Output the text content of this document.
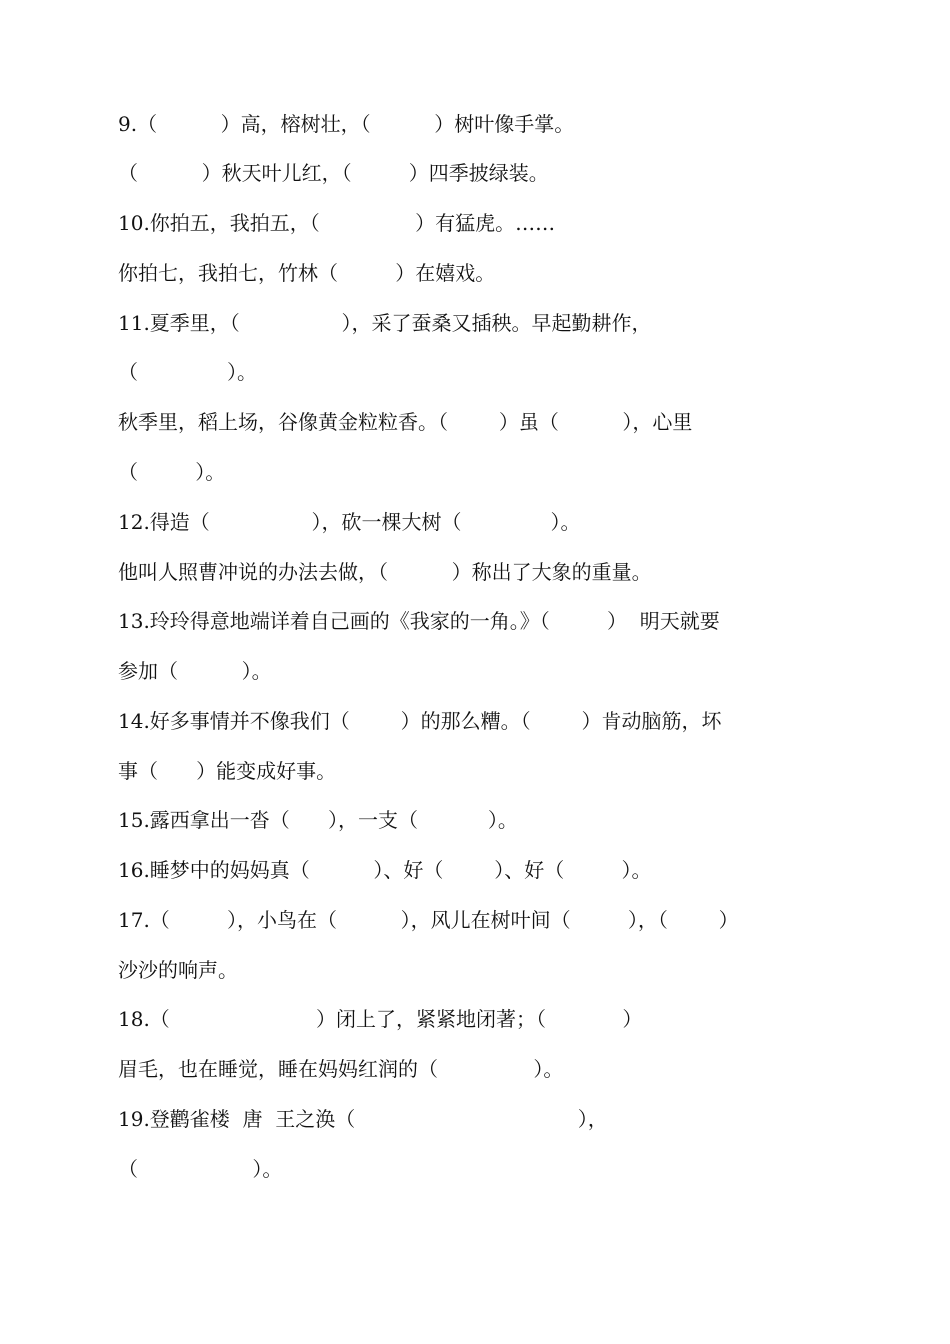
9.（          ）高，榕树壮，（          ）树叶像手掌。
（          ）秋天叶儿红，（         ）四季披绿装。
10.你拍五，我拍五，（               ）有猛虎。……
你拍七，我拍七，竹林（         ）在嬉戏。
11.夏季里，（                ），采了蚕桑又插秧。早起勤耕作，
（              ）。
秋季里，稻上场，谷像黄金粒粒香。（        ）虽（          ），心里
（         ）。
12.得造（                ），砍一棵大树（              ）。
他叫人照曹冲说的办法去做，（          ）称出了大象的重量。
13.玲玲得意地端详着自己画的《我家的一角。》（         ）  明天就要
参加（          ）。
14.好多事情并不像我们（        ）的那么糟。（        ）肯动脑筋，坏
事（      ）能变成好事。
15.露西拿出一沓（      ），一支（           ）。
16.睡梦中的妈妈真（          ）、好（        ）、好（         ）。
17.（         ），小鸟在（          ），风儿在树叶间（         ），（        ）
沙沙的响声。
18.（                       ）闭上了，紧紧地闭著；（            ）
眉毛，也在睡觉，睡在妈妈红润的（               ）。
19.登鹳雀楼  唐  王之涣（                                   ），
（                  ）。
